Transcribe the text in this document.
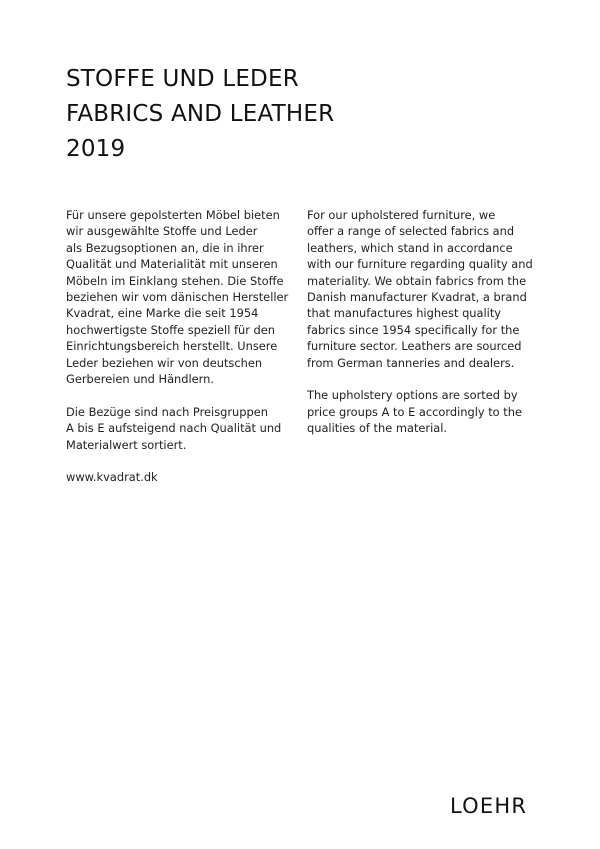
STOFFE UND LEDER
FABRICS AND LEATHER
2019
Für unsere gepolsterten Möbel bieten
wir ausgewählte Stoffe und Leder
als Bezugsoptionen an, die in ihrer
Qualität und Materialität mit unseren
Möbeln im Einklang stehen. Die Stoffe
beziehen wir vom dänischen Hersteller
Kvadrat, eine Marke die seit 1954
hochwertigste Stoffe speziell für den
Einrichtungsbereich herstellt. Unsere
Leder beziehen wir von deutschen
Gerbereien und Händlern.
Die Bezüge sind nach Preisgruppen
A bis E aufsteigend nach Qualität und
Materialwert sortiert.
www.kvadrat.dk
For our upholstered furniture, we
offer a range of selected fabrics and
leathers, which stand in accordance
with our furniture regarding quality and
materiality. We obtain fabrics from the
Danish manufacturer Kvadrat, a brand
that manufactures highest quality
fabrics since 1954 specifically for the
furniture sector. Leathers are sourced
from German tanneries and dealers.
The upholstery options are sorted by
price groups A to E accordingly to the
qualities of the material.
LOEHR
